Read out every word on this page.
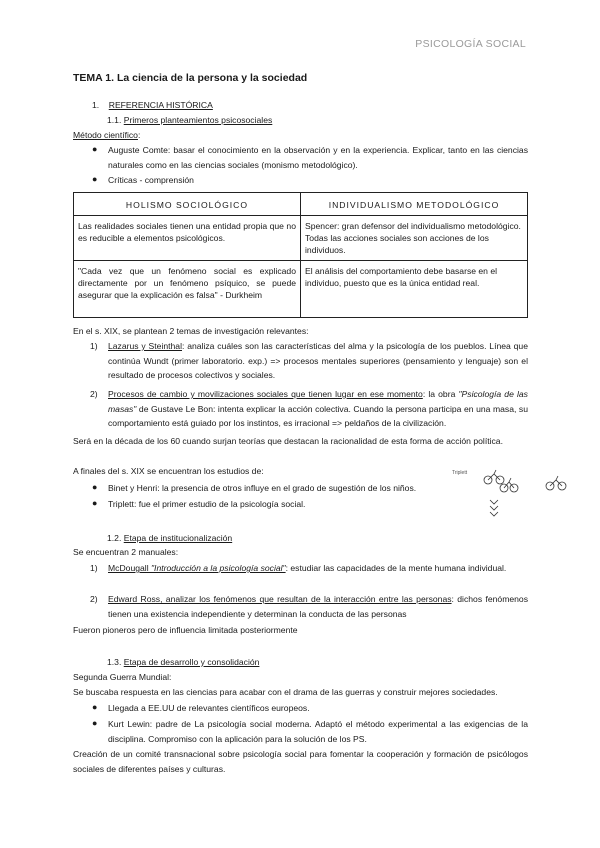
PSICOLOGÍA SOCIAL
TEMA 1. La ciencia de la persona y la sociedad
1. REFERENCIA HISTÓRICA
1.1. Primeros planteamientos psicosociales
Método científico:
● Auguste Comte: basar el conocimiento en la observación y en la experiencia. Explicar, tanto en las ciencias naturales como en las ciencias sociales (monismo metodológico).
● Críticas - comprensión
HOLISMO SOCIOLÓGICO	INDIVIDUALISMO METODOLÓGICO
Las realidades sociales tienen una entidad propia que no es reducible a elementos psicológicos.	Spencer: gran defensor del individualismo metodológico. Todas las acciones sociales son acciones de los individuos.
"Cada vez que un fenómeno social es explicado directamente por un fenómeno psíquico, se puede asegurar que la explicación es falsa" - Durkheim	El análisis del comportamiento debe basarse en el individuo, puesto que es la única entidad real.
En el s. XIX, se plantean 2 temas de investigación relevantes:
1) Lazarus y Steinthal: analiza cuáles son las características del alma y la psicología de los pueblos. Línea que continúa Wundt (primer laboratorio. exp.) => procesos mentales superiores (pensamiento y lenguaje) son el resultado de procesos colectivos y sociales.
2) Procesos de cambio y movilizaciones sociales que tienen lugar en ese momento: la obra "Psicología de las masas" de Gustave Le Bon: intenta explicar la acción colectiva. Cuando la persona participa en una masa, su comportamiento está guiado por los instintos, es irracional => peldaños de la civilización.
Será en la década de los 60 cuando surjan teorías que destacan la racionalidad de esta forma de acción política.
A finales del s. XIX se encuentran los estudios de:
● Binet y Henri: la presencia de otros influye en el grado de sugestión de los niños.
● Triplett: fue el primer estudio de la psicología social.
Triplett
1.2. Etapa de institucionalización
Se encuentran 2 manuales:
1) McDougall "Introducción a la psicología social": estudiar las capacidades de la mente humana individual.
2) Edward Ross, analizar los fenómenos que resultan de la interacción entre las personas: dichos fenómenos tienen una existencia independiente y determinan la conducta de las personas
Fueron pioneros pero de influencia limitada posteriormente
1.3. Etapa de desarrollo y consolidación
Segunda Guerra Mundial:
Se buscaba respuesta en las ciencias para acabar con el drama de las guerras y construir mejores sociedades.
● Llegada a EE.UU de relevantes científicos europeos.
● Kurt Lewin: padre de La psicología social moderna. Adaptó el método experimental a las exigencias de la disciplina. Compromiso con la aplicación para la solución de los PS.
Creación de un comité transnacional sobre psicología social para fomentar la cooperación y formación de psicólogos sociales de diferentes países y culturas.
